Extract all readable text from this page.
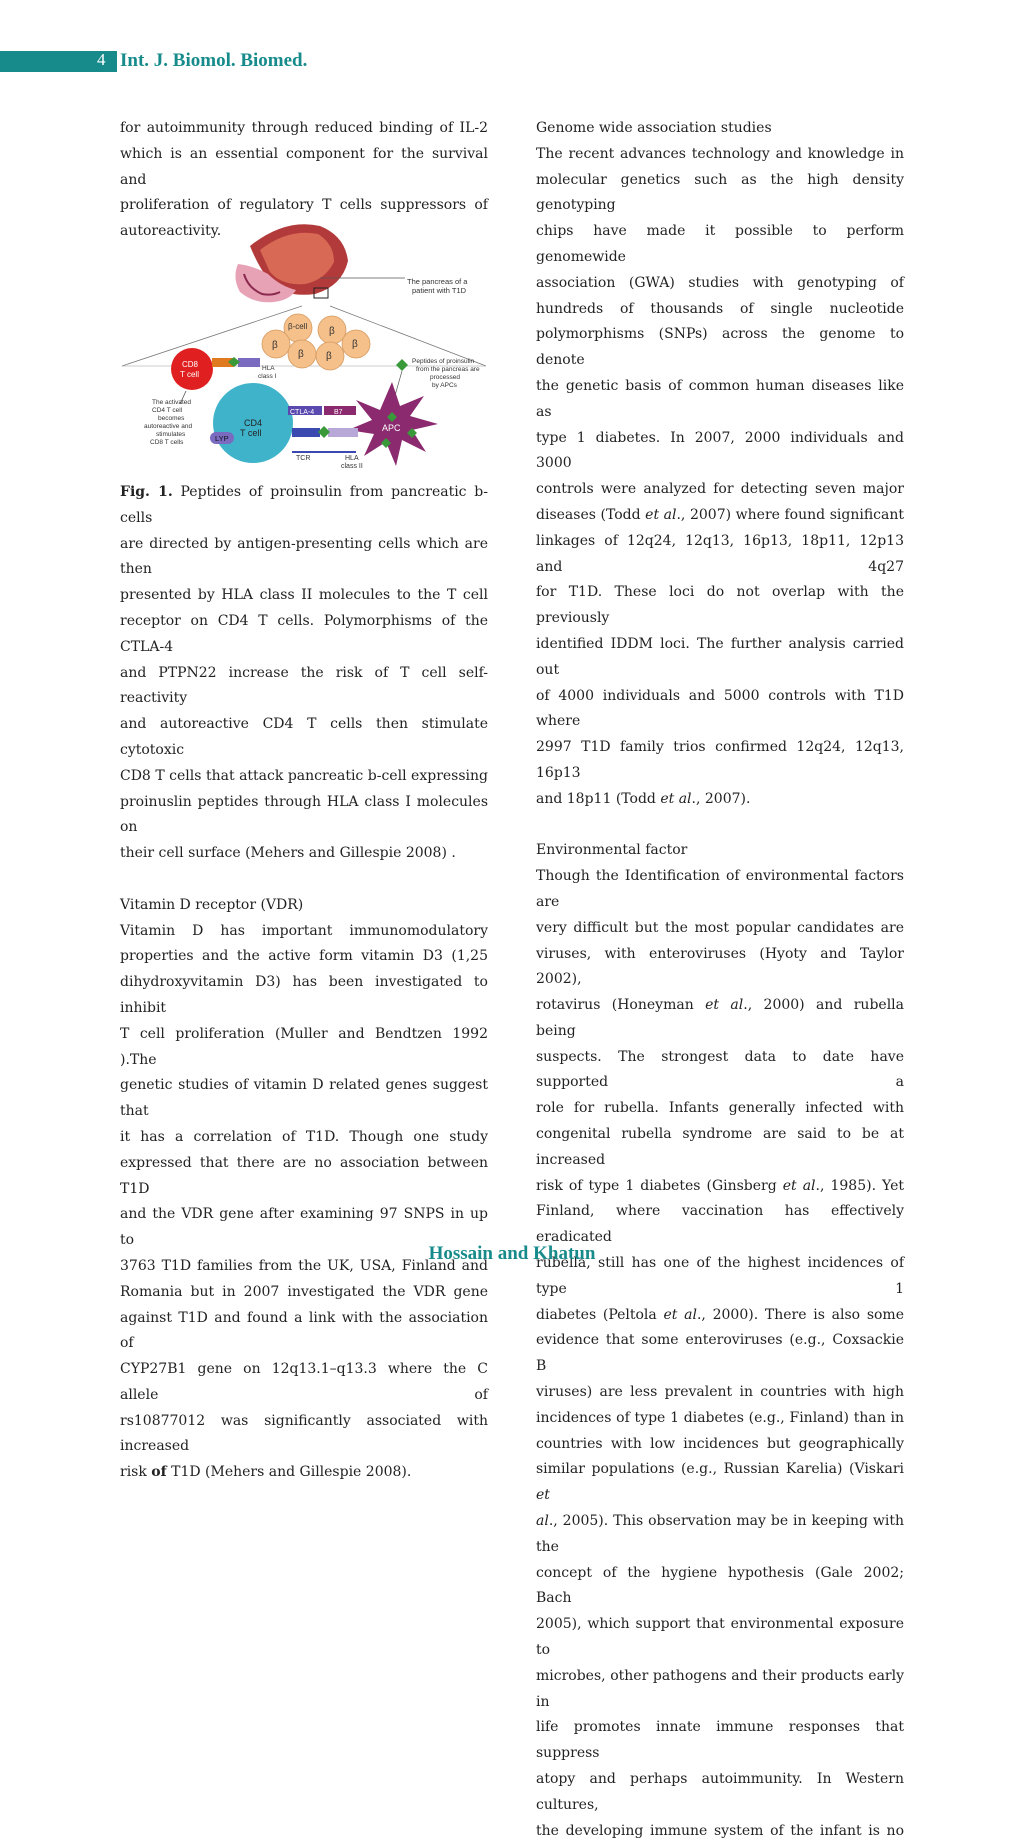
4 Int. J. Biomol. Biomed.

for autoimmunity through reduced binding of IL-2

which is an essential component for the survival and

proliferation of regulatory T cells suppressors of

autoreactivity.

The pancreas of a
patient with T1D
β-cell β
β
β β
β
CD8
T cell
HLA
class I
Peptides of proinsulin
from the pancreas are
processed
by APCs
The activated
CD4 T cell
becomes
autoreactive and
stimulates
CD8 T cells
CD4
T cell
LYP
APC
CTLA-4	B7
TCR	HLA
class II
Fig. 1. Peptides of proinsulin from pancreatic b-cells
are directed by antigen-presenting cells which are then
presented by HLA class II molecules to the T cell
receptor on CD4 T cells. Polymorphisms of the CTLA-4
and PTPN22 increase the risk of T cell self-reactivity
and autoreactive CD4 T cells then stimulate cytotoxic
CD8 T cells that attack pancreatic b-cell expressing
proinuslin peptides through HLA class I molecules on
their cell surface (Mehers and Gillespie 2008) .
Vitamin D receptor (VDR)
Vitamin D has important immunomodulatory
properties and the active form vitamin D3 (1,25
dihydroxyvitamin D3) has been investigated to inhibit
T cell proliferation (Muller and Bendtzen 1992 ).The
genetic studies of vitamin D related genes suggest that
it has a correlation of T1D. Though one study
expressed that there are no association between T1D
and the VDR gene after examining 97 SNPS in up to
3763 T1D families from the UK, USA, Finland and
Romania but in 2007 investigated the VDR gene
against T1D and found a link with the association of
CYP27B1 gene on 12q13.1–q13.3 where the C allele of
rs10877012 was significantly associated with increased
risk of T1D (Mehers and Gillespie 2008).
Genome wide association studies
The recent advances technology and knowledge in
molecular genetics such as the high density genotyping
chips have made it possible to perform genomewide
association (GWA) studies with genotyping of
hundreds of thousands of single nucleotide
polymorphisms (SNPs) across the genome to denote
the genetic basis of common human diseases like as
type 1 diabetes. In 2007, 2000 individuals and 3000
controls were analyzed for detecting seven major
diseases (Todd et al., 2007) where found significant
linkages of 12q24, 12q13, 16p13, 18p11, 12p13 and 4q27
for T1D. These loci do not overlap with the previously
identified IDDM loci. The further analysis carried out
of 4000 individuals and 5000 controls with T1D where
2997 T1D family trios confirmed 12q24, 12q13, 16p13
and 18p11 (Todd et al., 2007).
Environmental factor
Though the Identification of environmental factors are
very difficult but the most popular candidates are
viruses, with enteroviruses (Hyoty and Taylor 2002),
rotavirus (Honeyman et al., 2000) and rubella being
suspects. The strongest data to date have supported a
role for rubella. Infants generally infected with
congenital rubella syndrome are said to be at increased
risk of type 1 diabetes (Ginsberg et al., 1985). Yet
Finland, where vaccination has effectively eradicated
rubella, still has one of the highest incidences of type 1
diabetes (Peltola et al., 2000). There is also some
evidence that some enteroviruses (e.g., Coxsackie B
viruses) are less prevalent in countries with high
incidences of type 1 diabetes (e.g., Finland) than in
countries with low incidences but geographically
similar populations (e.g., Russian Karelia) (Viskari et
al., 2005). This observation may be in keeping with the
concept of the hygiene hypothesis (Gale 2002; Bach
2005), which support that environmental exposure to
microbes, other pathogens and their products early in
life promotes innate immune responses that suppress
atopy and perhaps autoimmunity. In Western cultures,
the developing immune system of the infant is no
Hossain and Khatun
